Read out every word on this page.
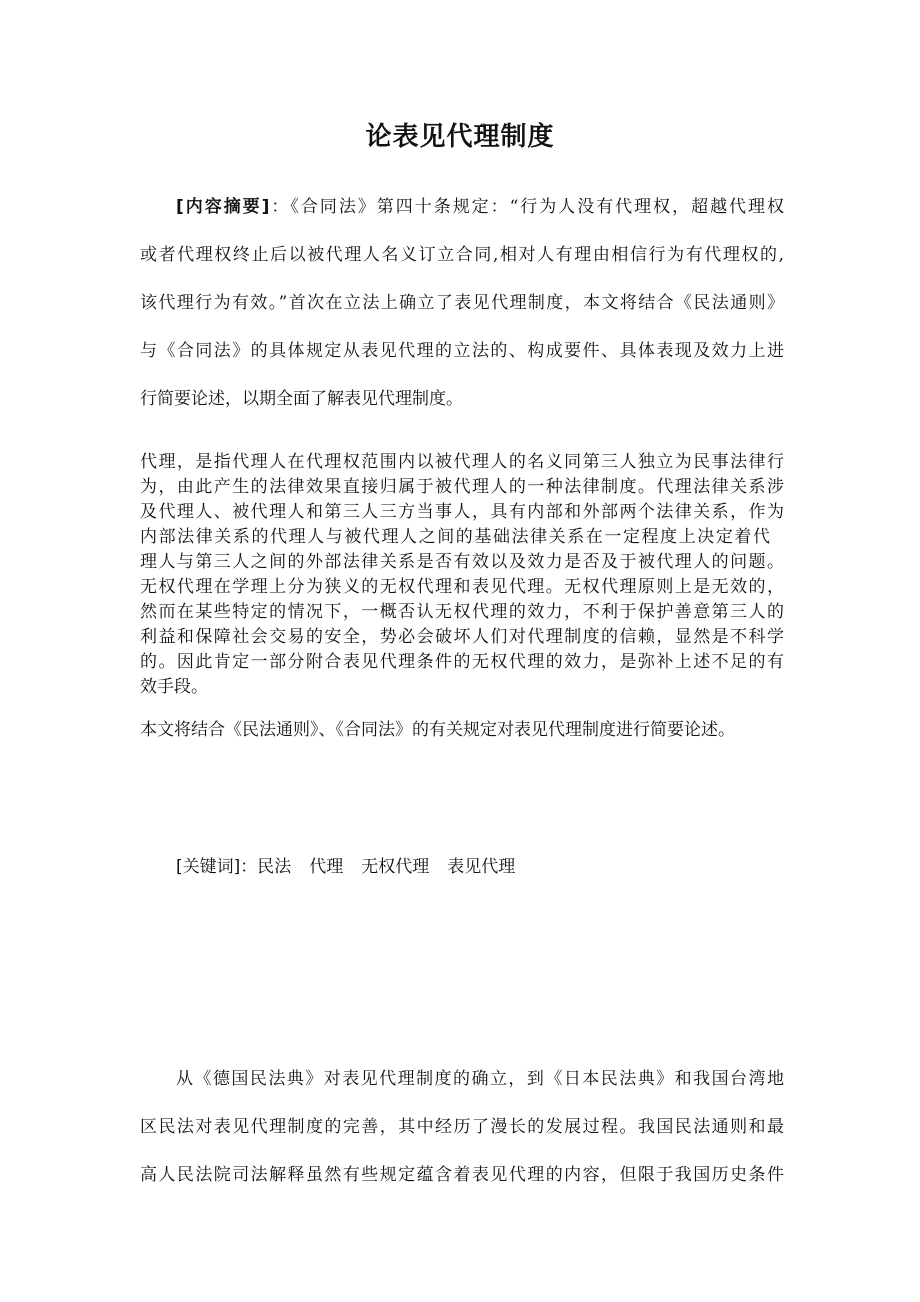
论表见代理制度
[内容摘要]：《合同法》第四十条规定：“行为人没有代理权，超越代理权
或者代理权终止后以被代理人名义订立合同,相对人有理由相信行为有代理权的,
该代理行为有效。”首次在立法上确立了表见代理制度，本文将结合《民法通则》
与《合同法》的具体规定从表见代理的立法的、构成要件、具体表现及效力上进
行简要论述，以期全面了解表见代理制度。
代理，是指代理人在代理权范围内以被代理人的名义同第三人独立为民事法律行
为，由此产生的法律效果直接归属于被代理人的一种法律制度。代理法律关系涉
及代理人、被代理人和第三人三方当事人，具有内部和外部两个法律关系，作为
内部法律关系的代理人与被代理人之间的基础法律关系在一定程度上决定着代
理人与第三人之间的外部法律关系是否有效以及效力是否及于被代理人的问题。
无权代理在学理上分为狭义的无权代理和表见代理。无权代理原则上是无效的，
然而在某些特定的情况下，一概否认无权代理的效力，不利于保护善意第三人的
利益和保障社会交易的安全，势必会破坏人们对代理制度的信赖，显然是不科学
的。因此肯定一部分附合表见代理条件的无权代理的效力，是弥补上述不足的有
效手段。
本文将结合《民法通则》、《合同法》的有关规定对表见代理制度进行简要论述。
[关键词]：民法 代理 无权代理 表见代理
从《德国民法典》对表见代理制度的确立，到《日本民法典》和我国台湾地
区民法对表见代理制度的完善，其中经历了漫长的发展过程。我国民法通则和最
高人民法院司法解释虽然有些规定蕴含着表见代理的内容，但限于我国历史条件
